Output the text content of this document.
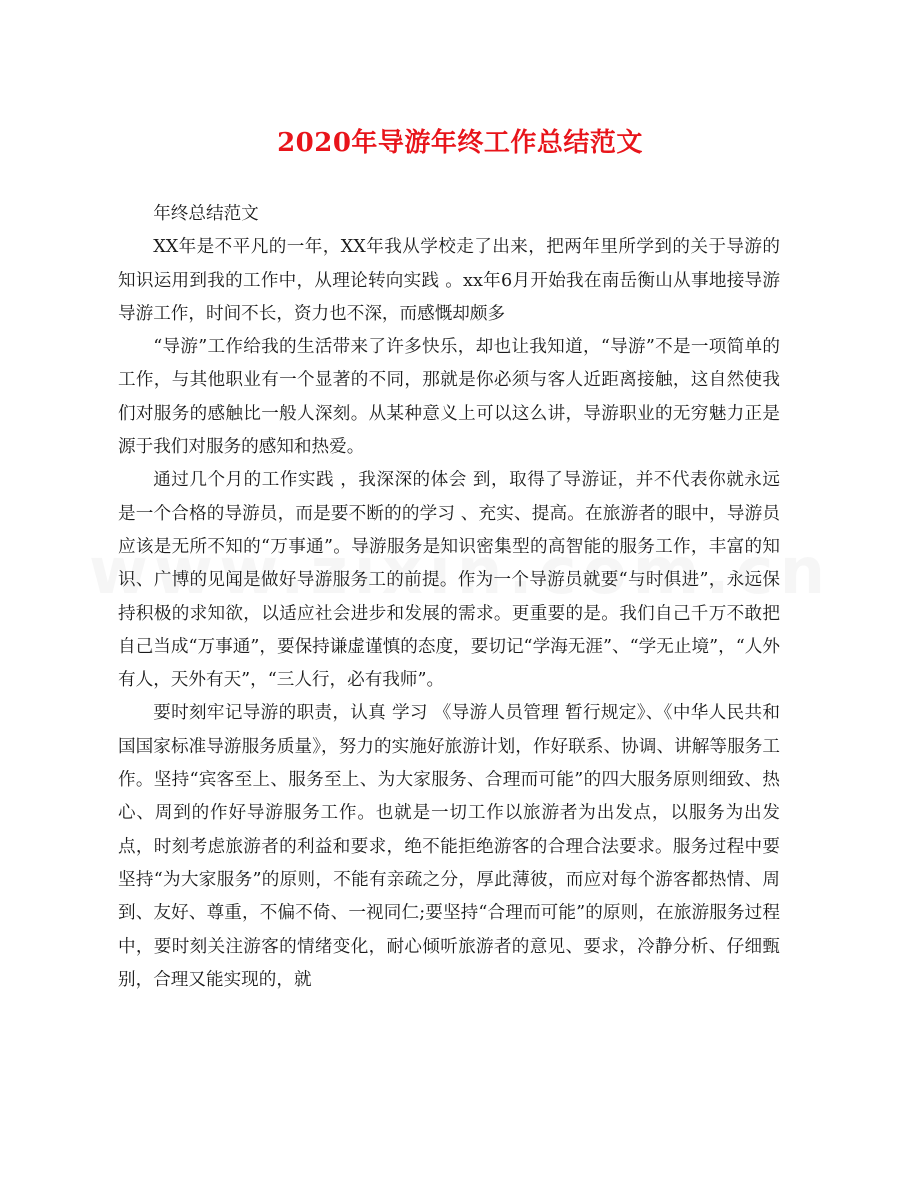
2020年导游年终工作总结范文

年终总结范文

XX年是不平凡的一年，XX年我从学校走了出来，把两年里所学到的关于导游的知识运用到我的工作中，从理论转向实践 。xx年6月开始我在南岳衡山从事地接导游导游工作，时间不长，资力也不深，而感慨却颇多

“导游”工作给我的生活带来了许多快乐，却也让我知道，“导游”不是一项简单的工作，与其他职业有一个显著的不同，那就是你必须与客人近距离接触，这自然使我们对服务的感触比一般人深刻。从某种意义上可以这么讲，导游职业的无穷魅力正是源于我们对服务的感知和热爱。

通过几个月的工作实践 ，我深深的体会 到，取得了导游证，并不代表你就永远是一个合格的导游员，而是要不断的的学习 、充实、提高。在旅游者的眼中，导游员应该是无所不知的“万事通”。导游服务是知识密集型的高智能的服务工作，丰富的知识、广博的见闻是做好导游服务工的前提。作为一个导游员就要“与时俱进”，永远保持积极的求知欲，以适应社会进步和发展的需求。更重要的是。我们自己千万不敢把自己当成“万事通”，要保持谦虚谨慎的态度，要切记“学海无涯”、“学无止境”，“人外有人，天外有天”，“三人行，必有我师”。

要时刻牢记导游的职责，认真 学习 《导游人员管理 暂行规定》、《中华人民共和国国家标准导游服务质量》，努力的实施好旅游计划，作好联系、协调、讲解等服务工作。坚持“宾客至上、服务至上、为大家服务、合理而可能”的四大服务原则细致、热心、周到的作好导游服务工作。也就是一切工作以旅游者为出发点，以服务为出发点，时刻考虑旅游者的利益和要求，绝不能拒绝游客的合理合法要求。服务过程中要坚持“为大家服务”的原则，不能有亲疏之分，厚此薄彼，而应对每个游客都热情、周到、友好、尊重，不偏不倚、一视同仁;要坚持“合理而可能”的原则，在旅游服务过程中，要时刻关注游客的情绪变化，耐心倾听旅游者的意见、要求，冷静分析、仔细甄别，合理又能实现的，就
